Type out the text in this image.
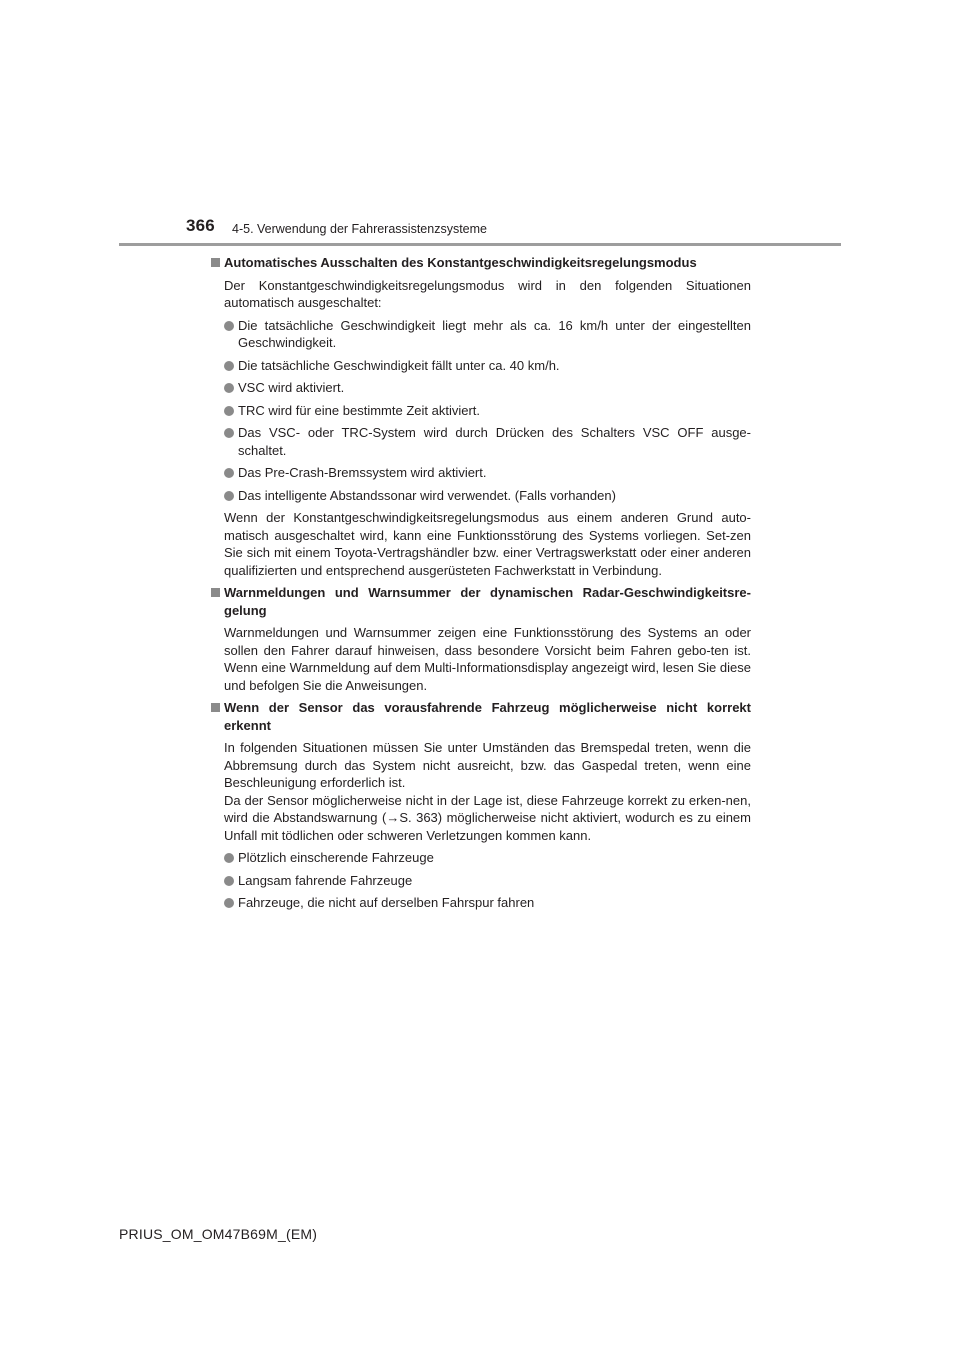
366 4-5. Verwendung der Fahrerassistenzsysteme
Automatisches Ausschalten des Konstantgeschwindigkeitsregelungsmodus
Der Konstantgeschwindigkeitsregelungsmodus wird in den folgenden Situationen automatisch ausgeschaltet:
Die tatsächliche Geschwindigkeit liegt mehr als ca. 16 km/h unter der eingestellten Geschwindigkeit.
Die tatsächliche Geschwindigkeit fällt unter ca. 40 km/h.
VSC wird aktiviert.
TRC wird für eine bestimmte Zeit aktiviert.
Das VSC- oder TRC-System wird durch Drücken des Schalters VSC OFF ausge-schaltet.
Das Pre-Crash-Bremssystem wird aktiviert.
Das intelligente Abstandssonar wird verwendet. (Falls vorhanden)
Wenn der Konstantgeschwindigkeitsregelungsmodus aus einem anderen Grund auto-matisch ausgeschaltet wird, kann eine Funktionsstörung des Systems vorliegen. Set-zen Sie sich mit einem Toyota-Vertragshändler bzw. einer Vertragswerkstatt oder einer anderen qualifizierten und entsprechend ausgerüsteten Fachwerkstatt in Verbindung.
Warnmeldungen und Warnsummer der dynamischen Radar-Geschwindigkeitsre-gelung
Warnmeldungen und Warnsummer zeigen eine Funktionsstörung des Systems an oder sollen den Fahrer darauf hinweisen, dass besondere Vorsicht beim Fahren gebo-ten ist. Wenn eine Warnmeldung auf dem Multi-Informationsdisplay angezeigt wird, lesen Sie diese und befolgen Sie die Anweisungen.
Wenn der Sensor das vorausfahrende Fahrzeug möglicherweise nicht korrekt erkennt
In folgenden Situationen müssen Sie unter Umständen das Bremspedal treten, wenn die Abbremsung durch das System nicht ausreicht, bzw. das Gaspedal treten, wenn eine Beschleunigung erforderlich ist.
Da der Sensor möglicherweise nicht in der Lage ist, diese Fahrzeuge korrekt zu erken-nen, wird die Abstandswarnung (→S. 363) möglicherweise nicht aktiviert, wodurch es zu einem Unfall mit tödlichen oder schweren Verletzungen kommen kann.
Plötzlich einscherende Fahrzeuge
Langsam fahrende Fahrzeuge
Fahrzeuge, die nicht auf derselben Fahrspur fahren
PRIUS_OM_OM47B69M_(EM)
